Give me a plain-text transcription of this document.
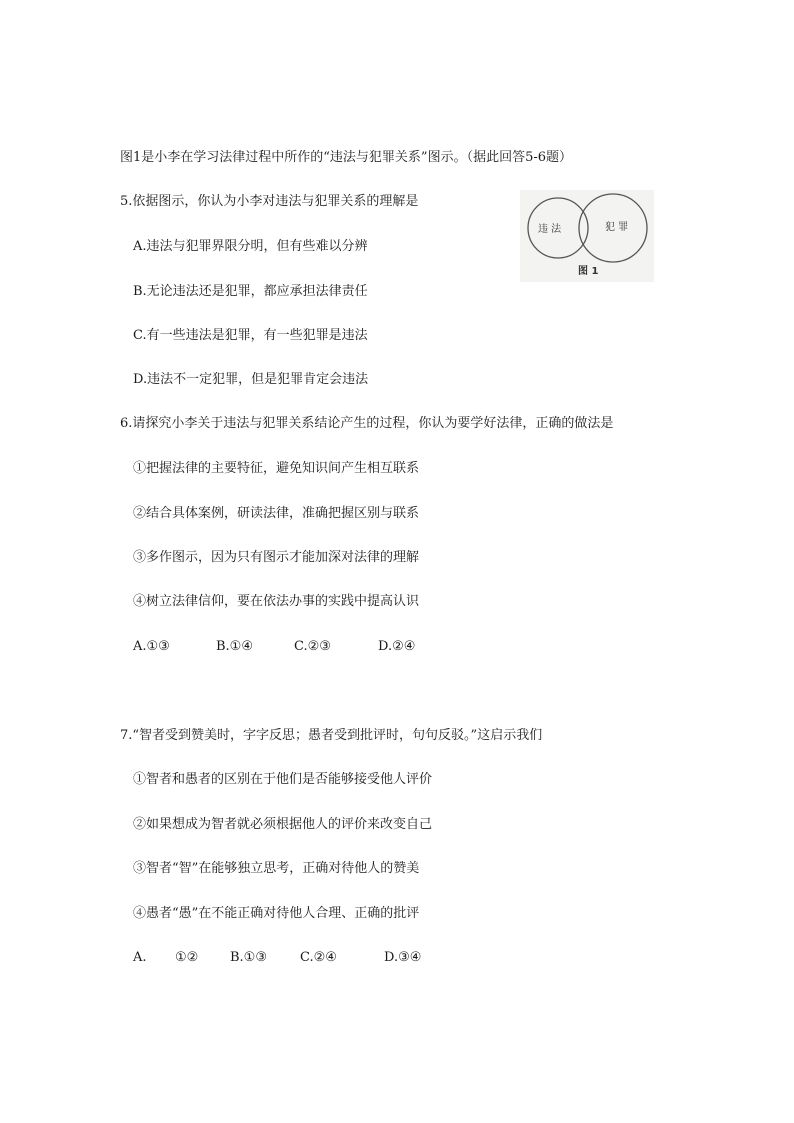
图1是小李在学习法律过程中所作的“违法与犯罪关系”图示。（据此回答5-6题）
5.依据图示，你认为小李对违法与犯罪关系的理解是
A.违法与犯罪界限分明，但有些难以分辨
B.无论违法还是犯罪，都应承担法律责任
C.有一些违法是犯罪，有一些犯罪是违法
D.违法不一定犯罪，但是犯罪肯定会违法
违 法	犯 罪
图 1
6.请探究小李关于违法与犯罪关系结论产生的过程，你认为要学好法律，正确的做法是
①把握法律的主要特征，避免知识间产生相互联系
②结合具体案例，研读法律，准确把握区别与联系
③多作图示，因为只有图示才能加深对法律的理解
④树立法律信仰，要在依法办事的实践中提高认识
A.①③	B.①④	C.②③	D.②④
7.“智者受到赞美时，字字反思；愚者受到批评时，句句反驳。”这启示我们
①智者和愚者的区别在于他们是否能够接受他人评价
②如果想成为智者就必须根据他人的评价来改变自己
③智者“智”在能够独立思考，正确对待他人的赞美
④愚者“愚”在不能正确对待他人合理、正确的批评
A. ①② B.①③	C.②④	D.③④
